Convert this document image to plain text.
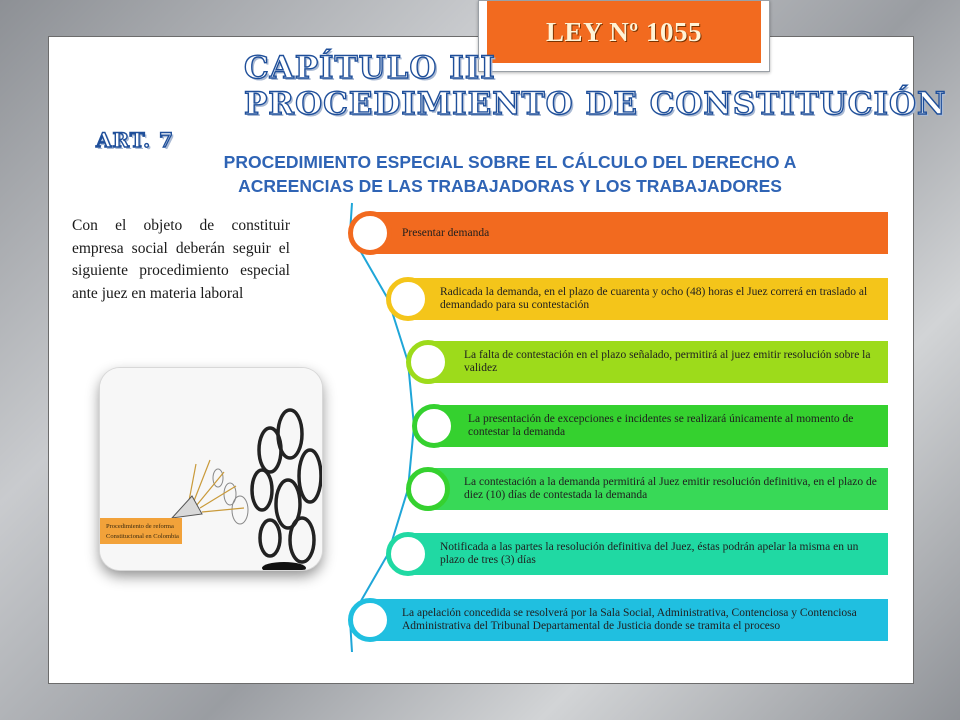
LEY Nº 1055
CAPÍTULO III
PROCEDIMIENTO DE CONSTITUCIÓN
ART. 7
PROCEDIMIENTO ESPECIAL SOBRE EL CÁLCULO DEL DERECHO A
ACREENCIAS DE LAS TRABAJADORAS Y LOS TRABAJADORES
Con el objeto de constituir empresa social deberán seguir el siguiente procedimiento especial ante juez en materia laboral
Procedimiento de reforma
Constitucional en Colombia
Presentar demanda
Radicada la demanda, en el plazo de cuarenta y ocho (48) horas el Juez correrá en traslado al demandado para su contestación
La falta de contestación en el plazo señalado, permitirá al juez emitir resolución sobre la validez
La presentación de excepciones e incidentes se realizará únicamente al momento de contestar la demanda
La contestación a la demanda permitirá al Juez emitir resolución definitiva, en el plazo de diez (10) días de contestada la demanda
Notificada a las partes la resolución definitiva del Juez, éstas podrán apelar la misma en un plazo de tres (3) días
La apelación concedida se resolverá por la Sala Social, Administrativa, Contenciosa y Contenciosa Administrativa del Tribunal Departamental de Justicia donde se tramita el proceso
